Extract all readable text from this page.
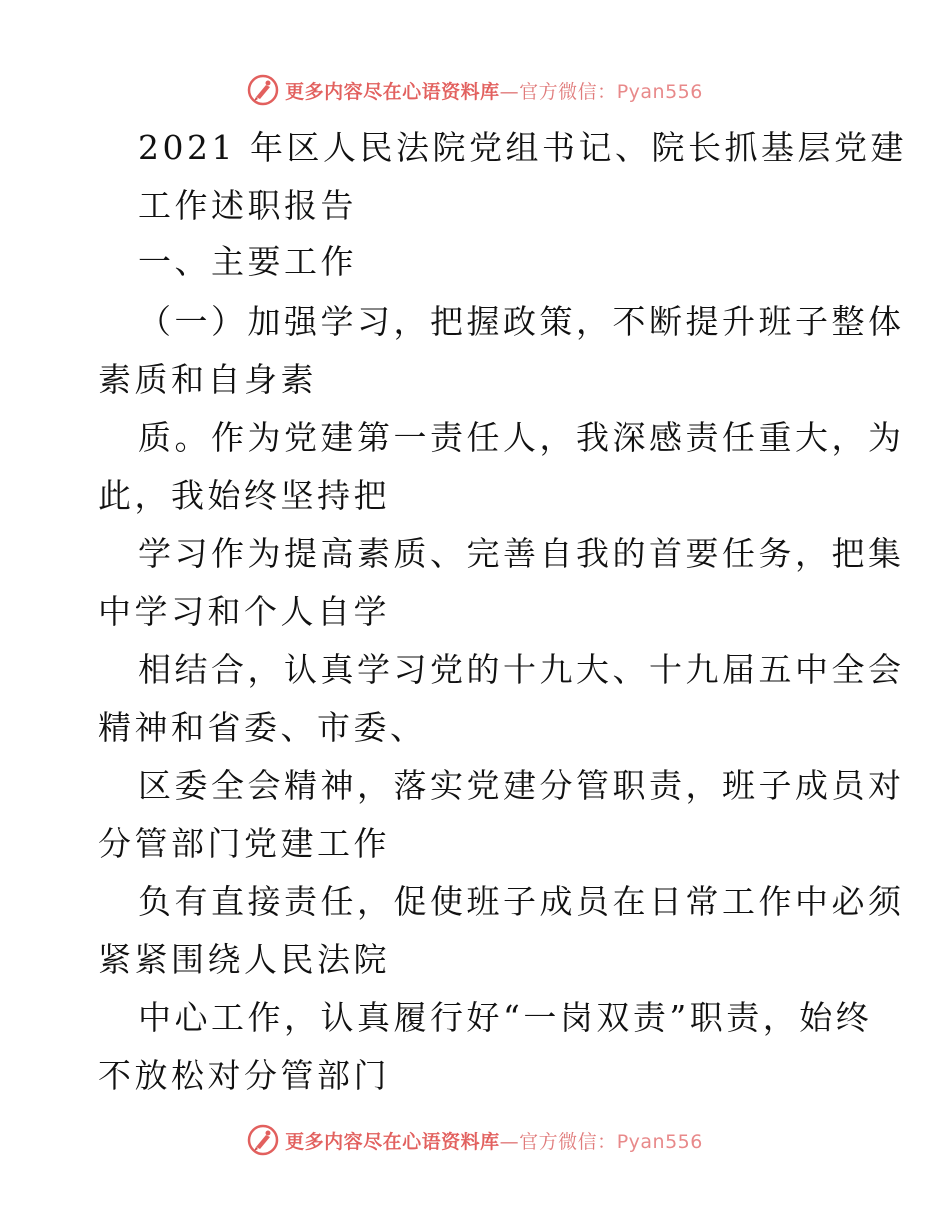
更多内容尽在心语资料库—官方微信：Pyan556
2021 年区人民法院党组书记、院长抓基层党建
工作述职报告
一、主要工作
（一）加强学习，把握政策，不断提升班子整体
素质和自身素
质。作为党建第一责任人，我深感责任重大，为
此，我始终坚持把
学习作为提高素质、完善自我的首要任务，把集
中学习和个人自学
相结合，认真学习党的十九大、十九届五中全会
精神和省委、市委、
区委全会精神，落实党建分管职责，班子成员对
分管部门党建工作
负有直接责任，促使班子成员在日常工作中必须
紧紧围绕人民法院
中心工作，认真履行好“一岗双责”职责，始终
不放松对分管部门
更多内容尽在心语资料库—官方微信：Pyan556
